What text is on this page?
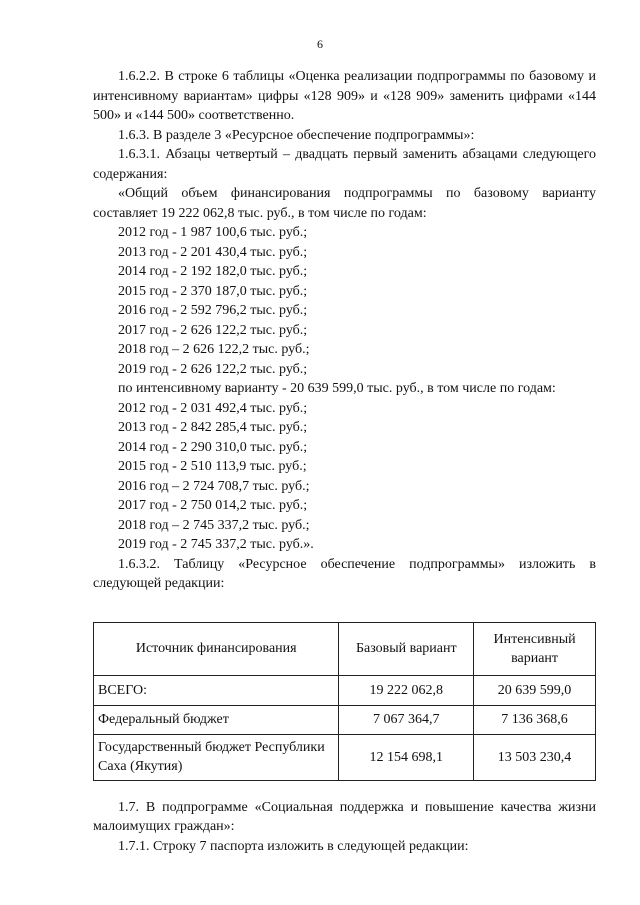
6

1.6.2.2. В строке 6 таблицы «Оценка реализации подпрограммы по базовому и интенсивному вариантам» цифры «128 909» и «128 909» заменить цифрами «144 500» и «144 500» соответственно.

1.6.3. В разделе 3 «Ресурсное обеспечение подпрограммы»:

1.6.3.1. Абзацы четвертый – двадцать первый заменить абзацами следующего содержания:

«Общий объем финансирования подпрограммы по базовому варианту составляет 19 222 062,8 тыс. руб., в том числе по годам:

2012 год - 1 987 100,6 тыс. руб.;

2013 год - 2 201 430,4 тыс. руб.;

2014 год - 2 192 182,0 тыс. руб.;

2015 год - 2 370 187,0 тыс. руб.;

2016 год - 2 592 796,2 тыс. руб.;

2017 год - 2 626 122,2 тыс. руб.;

2018 год – 2 626 122,2 тыс. руб.;

2019 год - 2 626 122,2 тыс. руб.;

по интенсивному варианту - 20 639 599,0 тыс. руб., в том числе по годам:

2012 год - 2 031 492,4 тыс. руб.;

2013 год - 2 842 285,4 тыс. руб.;

2014 год - 2 290 310,0 тыс. руб.;

2015 год - 2 510 113,9 тыс. руб.;

2016 год – 2 724 708,7 тыс. руб.;

2017 год - 2 750 014,2 тыс. руб.;

2018 год – 2 745 337,2 тыс. руб.;

2019 год - 2 745 337,2 тыс. руб.».

1.6.3.2. Таблицу «Ресурсное обеспечение подпрограммы» изложить в следующей редакции:

Источник финансирования	Базовый вариант	Интенсивный вариант
ВСЕГО:	19 222 062,8	20 639 599,0
Федеральный бюджет	7 067 364,7	7 136 368,6
Государственный бюджет Республики Саха (Якутия)	12 154 698,1	13 503 230,4

1.7. В подпрограмме «Социальная поддержка и повышение качества жизни малоимущих граждан»:

1.7.1. Строку 7 паспорта изложить в следующей редакции:
